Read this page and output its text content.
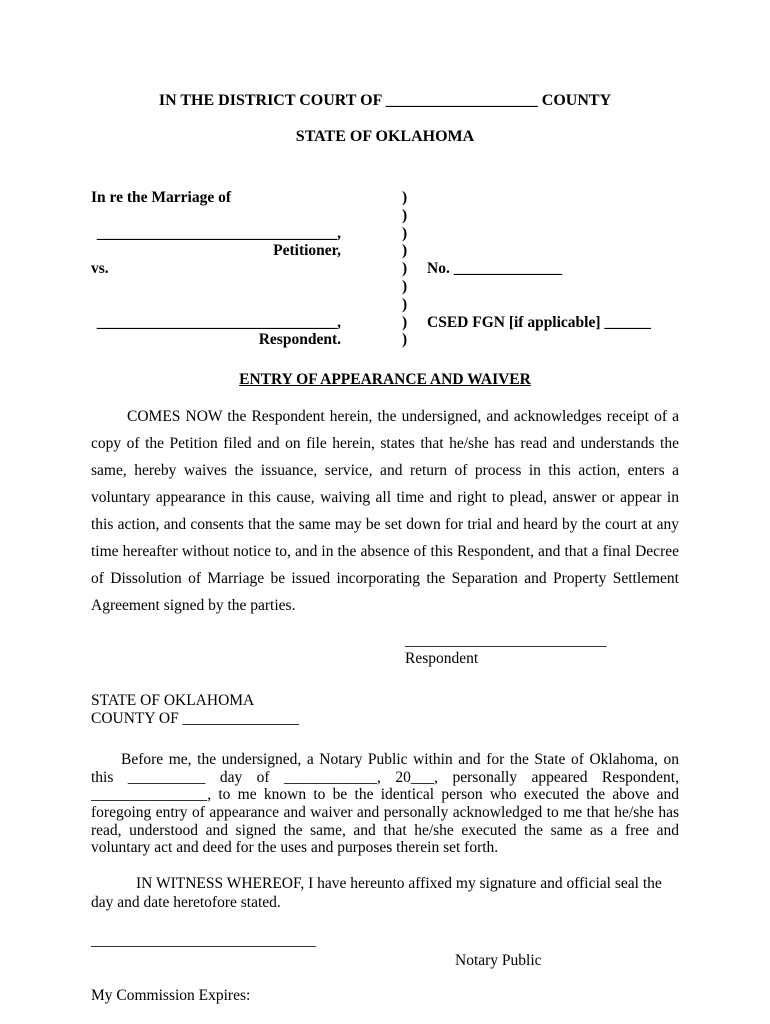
IN THE DISTRICT COURT OF ___________________ COUNTY
STATE OF OKLAHOMA
In re the Marriage of	)
)
_______________________________,	)
Petitioner,	)
vs.	)	No. ______________
)
)
_______________________________,	)	CSED FGN [if applicable] ______
Respondent.	)
ENTRY OF APPEARANCE AND WAIVER
COMES NOW the Respondent herein, the undersigned, and acknowledges receipt of a copy of the Petition filed and on file herein, states that he/she has read and understands the same, hereby waives the issuance, service, and return of process in this action, enters a voluntary appearance in this cause, waiving all time and right to plead, answer or appear in this action, and consents that the same may be set down for trial and heard by the court at any time hereafter without notice to, and in the absence of this Respondent, and that a final Decree of Dissolution of Marriage be issued incorporating the Separation and Property Settlement Agreement signed by the parties.
__________________________
Respondent
STATE OF OKLAHOMA
COUNTY OF _______________
Before me, the undersigned, a Notary Public within and for the State of Oklahoma, on this __________ day of ____________, 20___, personally appeared Respondent, _______________, to me known to be the identical person who executed the above and foregoing entry of appearance and waiver and personally acknowledged to me that he/she has read, understood and signed the same, and that he/she executed the same as a free and voluntary act and deed for the uses and purposes therein set forth.
IN WITNESS WHEREOF, I have hereunto affixed my signature and official seal the day and date heretofore stated.
_____________________________
Notary Public
My Commission Expires:
